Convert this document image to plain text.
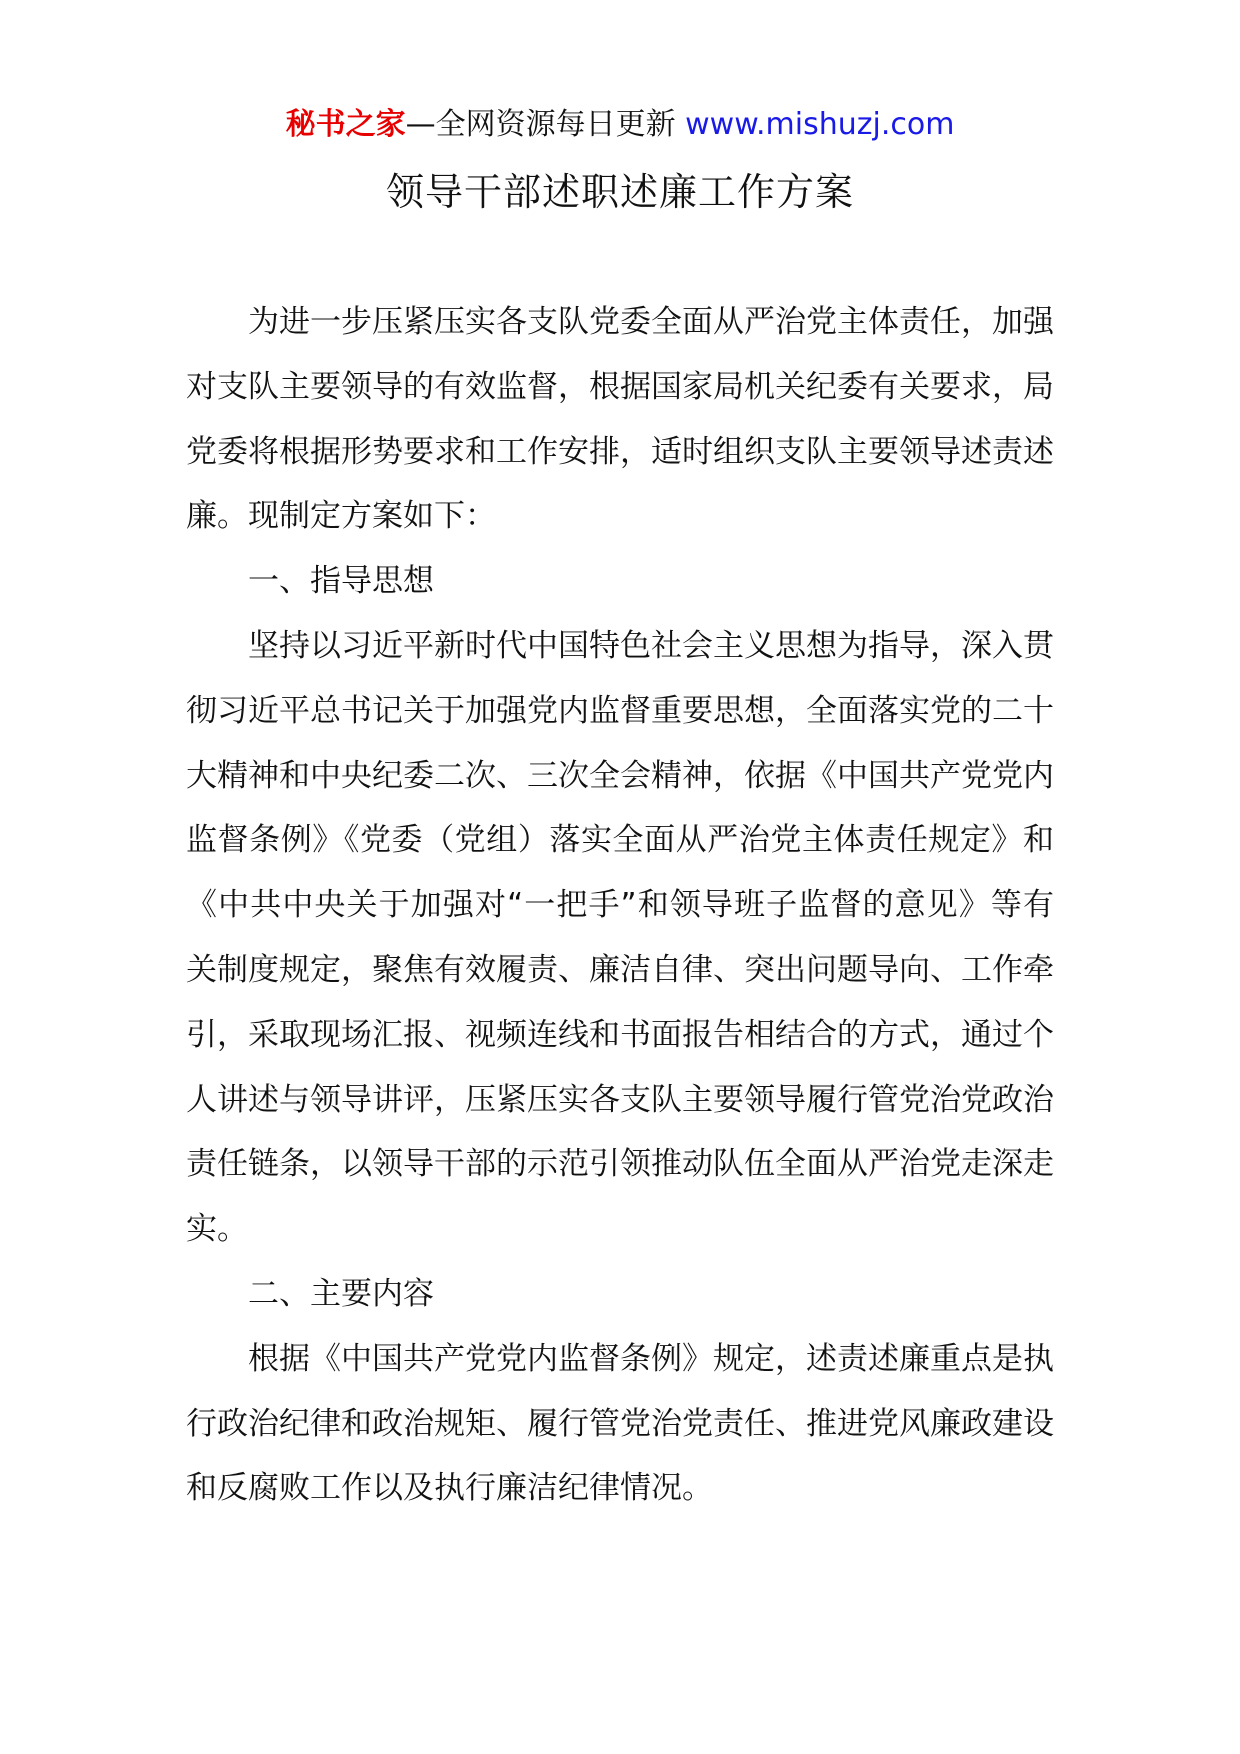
秘书之家—全网资源每日更新 www.mishuzj.com
领导干部述职述廉工作方案

为进一步压紧压实各支队党委全面从严治党主体责任，加强对支队主要领导的有效监督，根据国家局机关纪委有关要求，局党委将根据形势要求和工作安排，适时组织支队主要领导述责述廉。现制定方案如下：

一、指导思想

坚持以习近平新时代中国特色社会主义思想为指导，深入贯彻习近平总书记关于加强党内监督重要思想，全面落实党的二十大精神和中央纪委二次、三次全会精神，依据《中国共产党党内监督条例》《党委（党组）落实全面从严治党主体责任规定》和《中共中央关于加强对“一把手”和领导班子监督的意见》等有关制度规定，聚焦有效履责、廉洁自律、突出问题导向、工作牵引，采取现场汇报、视频连线和书面报告相结合的方式，通过个人讲述与领导讲评，压紧压实各支队主要领导履行管党治党政治责任链条，以领导干部的示范引领推动队伍全面从严治党走深走实。

二、主要内容

根据《中国共产党党内监督条例》规定，述责述廉重点是执行政治纪律和政治规矩、履行管党治党责任、推进党风廉政建设和反腐败工作以及执行廉洁纪律情况。
